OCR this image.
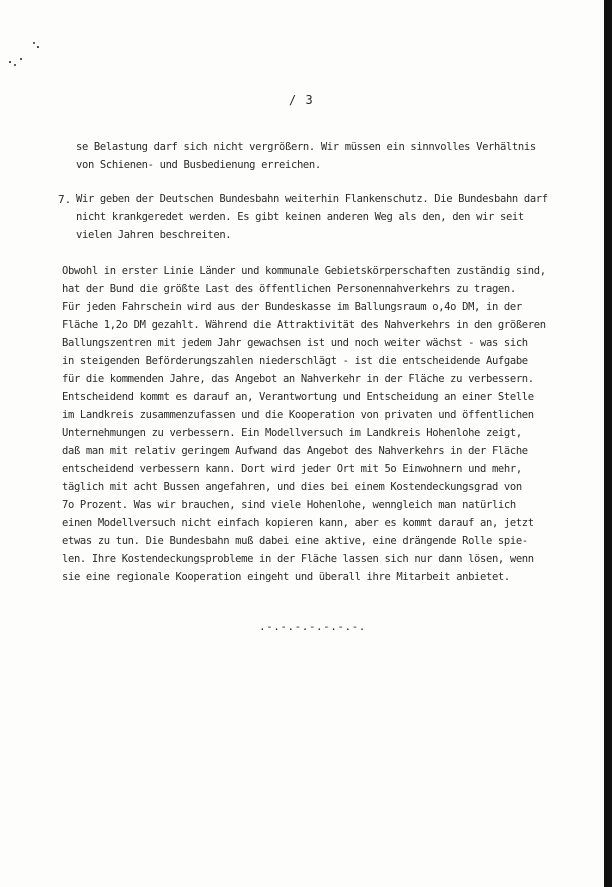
/ 3
se Belastung darf sich nicht vergrößern. Wir müssen ein sinnvolles Verhältnis
von Schienen- und Busbedienung erreichen.
7. Wir geben der Deutschen Bundesbahn weiterhin Flankenschutz. Die Bundesbahn darf
nicht krankgeredet werden. Es gibt keinen anderen Weg als den, den wir seit
vielen Jahren beschreiten.
Obwohl in erster Linie Länder und kommunale Gebietskörperschaften zuständig sind,
hat der Bund die größte Last des öffentlichen Personennahverkehrs zu tragen.
Für jeden Fahrschein wird aus der Bundeskasse im Ballungsraum o,4o DM, in der
Fläche 1,2o DM gezahlt. Während die Attraktivität des Nahverkehrs in den größeren
Ballungszentren mit jedem Jahr gewachsen ist und noch weiter wächst - was sich
in steigenden Beförderungszahlen niederschlägt - ist die entscheidende Aufgabe
für die kommenden Jahre, das Angebot an Nahverkehr in der Fläche zu verbessern.
Entscheidend kommt es darauf an, Verantwortung und Entscheidung an einer Stelle
im Landkreis zusammenzufassen und die Kooperation von privaten und öffentlichen
Unternehmungen zu verbessern. Ein Modellversuch im Landkreis Hohenlohe zeigt,
daß man mit relativ geringem Aufwand das Angebot des Nahverkehrs in der Fläche
entscheidend verbessern kann. Dort wird jeder Ort mit 5o Einwohnern und mehr,
täglich mit acht Bussen angefahren, und dies bei einem Kostendeckungsgrad von
7o Prozent. Was wir brauchen, sind viele Hohenlohe, wenngleich man natürlich
einen Modellversuch nicht einfach kopieren kann, aber es kommt darauf an, jetzt
etwas zu tun. Die Bundesbahn muß dabei eine aktive, eine drängende Rolle spie-
len. Ihre Kostendeckungsprobleme in der Fläche lassen sich nur dann lösen, wenn
sie eine regionale Kooperation eingeht und überall ihre Mitarbeit anbietet.
.-.-.-.-.-.-.-.
